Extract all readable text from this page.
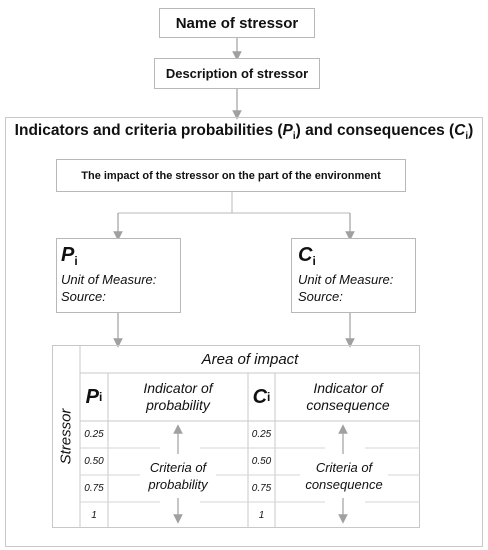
Name of stressor
Description of stressor
Indicators and criteria probabilities $(P_i)$ and consequences $(C_i)$
The impact of the stressor on the part of the environment
$P_i$
Unit of Measure:
Source:
$C_i$
Unit of Measure:
Source:
Stressor
Area of impact
P i
Indicator of probability	C i
Indicator of consequence
0.25
0.50
0.75
1
0.25
0.50
0.75
1
Criteria of probability
Criteria of consequence
